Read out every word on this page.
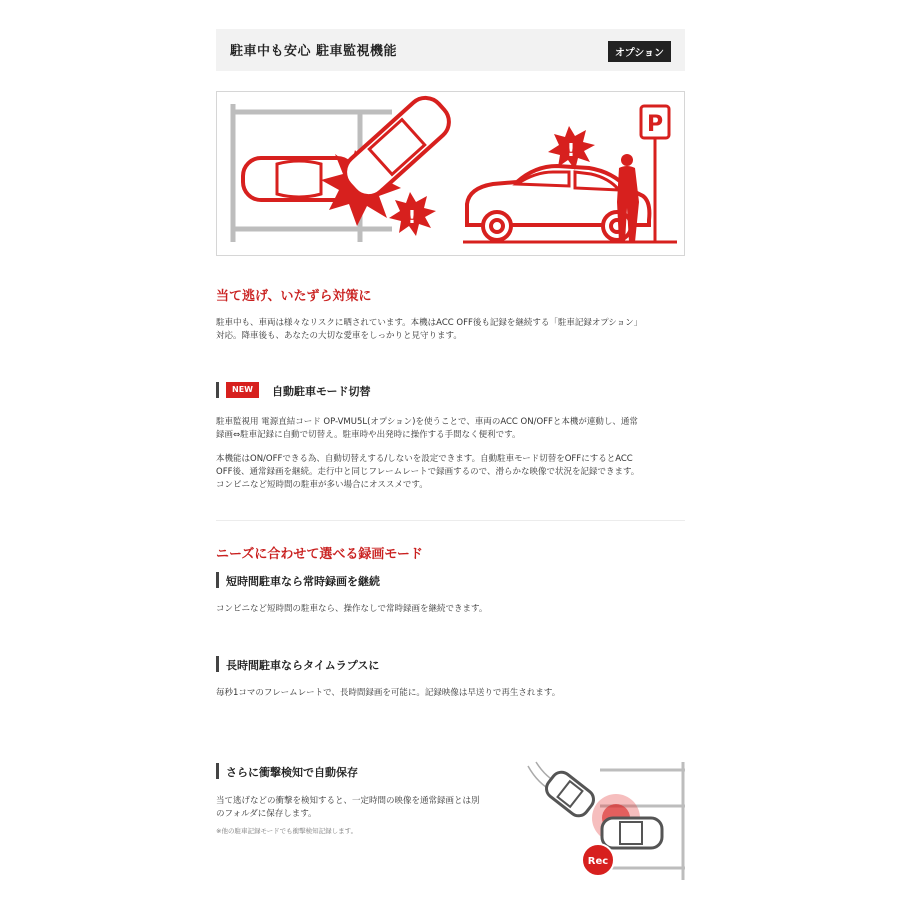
駐車中も安心 駐車監視機能	オプション
!
!
P
当て逃げ、いたずら対策に
駐車中も、車両は様々なリスクに晒されています。本機はACC OFF後も記録を継続する「駐車記録オプション」
対応。降車後も、あなたの大切な愛車をしっかりと見守ります。
NEW	自動駐車モード切替
駐車監視用 電源直結コード OP-VMU5L(オプション)を使うことで、車両のACC ON/OFFと本機が連動し、通常
録画⇔駐車記録に自動で切替え。駐車時や出発時に操作する手間なく便利です。
本機能はON/OFFできる為、自動切替えする/しないを設定できます。自動駐車モード切替をOFFにするとACC
OFF後、通常録画を継続。走行中と同じフレームレートで録画するので、滑らかな映像で状況を記録できます。
コンビニなど短時間の駐車が多い場合にオススメです。
ニーズに合わせて選べる録画モード
短時間駐車なら常時録画を継続
コンビニなど短時間の駐車なら、操作なしで常時録画を継続できます。
長時間駐車ならタイムラプスに
毎秒1コマのフレームレートで、長時間録画を可能に。記録映像は早送りで再生されます。
さらに衝撃検知で自動保存
当て逃げなどの衝撃を検知すると、一定時間の映像を通常録画とは別
のフォルダに保存します。
※他の駐車記録モードでも衝撃検知記録します。
Rec
